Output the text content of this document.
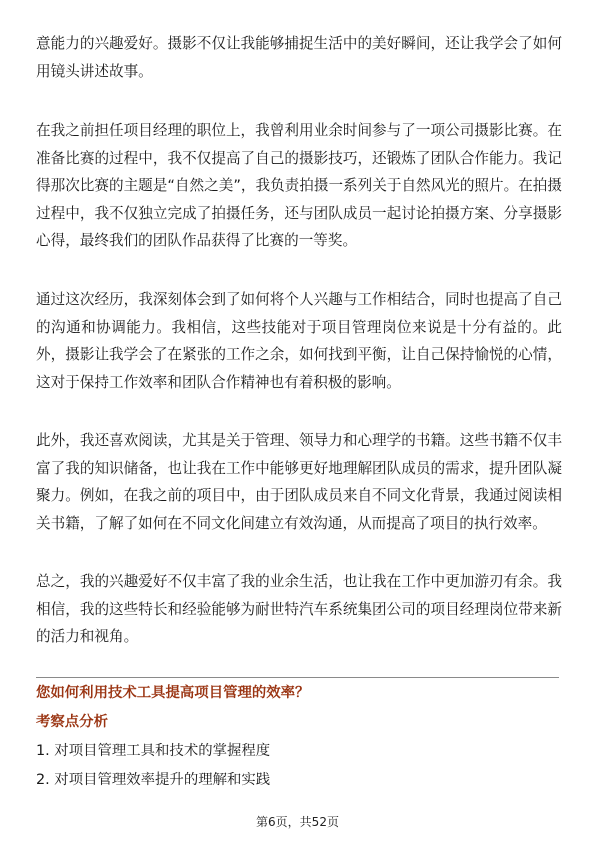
意能力的兴趣爱好。摄影不仅让我能够捕捉生活中的美好瞬间，还让我学会了如何用镜头讲述故事。

在我之前担任项目经理的职位上，我曾利用业余时间参与了一项公司摄影比赛。在准备比赛的过程中，我不仅提高了自己的摄影技巧，还锻炼了团队合作能力。我记得那次比赛的主题是“自然之美”，我负责拍摄一系列关于自然风光的照片。在拍摄过程中，我不仅独立完成了拍摄任务，还与团队成员一起讨论拍摄方案、分享摄影心得，最终我们的团队作品获得了比赛的一等奖。

通过这次经历，我深刻体会到了如何将个人兴趣与工作相结合，同时也提高了自己的沟通和协调能力。我相信，这些技能对于项目管理岗位来说是十分有益的。此外，摄影让我学会了在紧张的工作之余，如何找到平衡，让自己保持愉悦的心情，这对于保持工作效率和团队合作精神也有着积极的影响。

此外，我还喜欢阅读，尤其是关于管理、领导力和心理学的书籍。这些书籍不仅丰富了我的知识储备，也让我在工作中能够更好地理解团队成员的需求，提升团队凝聚力。例如，在我之前的项目中，由于团队成员来自不同文化背景，我通过阅读相关书籍，了解了如何在不同文化间建立有效沟通，从而提高了项目的执行效率。

总之，我的兴趣爱好不仅丰富了我的业余生活，也让我在工作中更加游刃有余。我相信，我的这些特长和经验能够为耐世特汽车系统集团公司的项目经理岗位带来新的活力和视角。

您如何利用技术工具提高项目管理的效率？

考察点分析

1. 对项目管理工具和技术的掌握程度

2. 对项目管理效率提升的理解和实践

第6页，共52页
